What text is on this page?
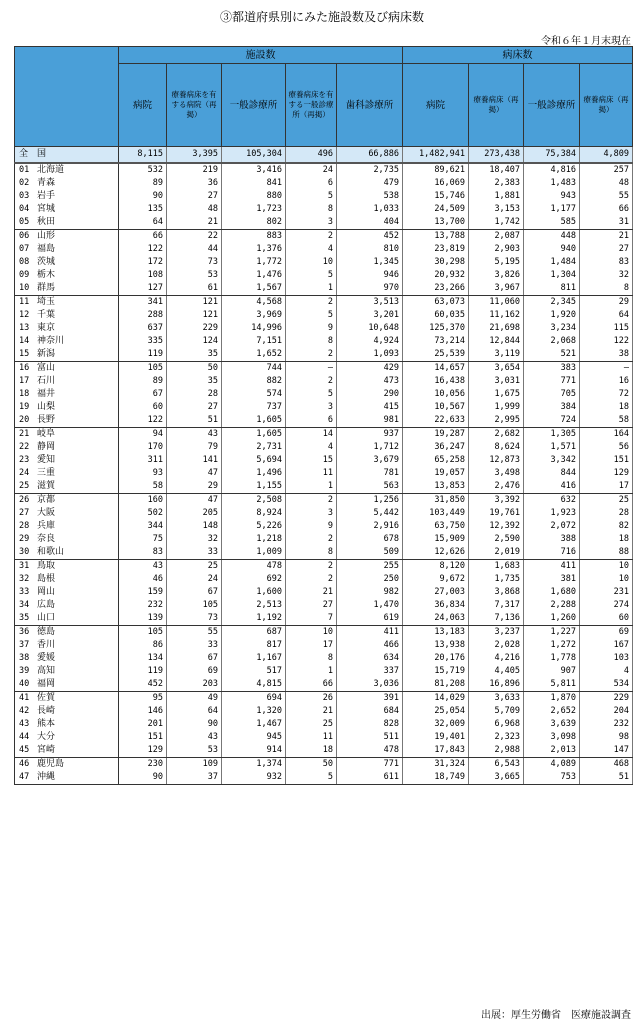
③都道府県別にみた施設数及び病床数
令和６年１月末現在
	施設数					病床数			
	病院	療養病床を有する病院（再掲）	一般診療所	療養病床を有する一般診療所（再掲）	歯科診療所	病院	療養病床（再掲）	一般診療所	療養病床（再掲）
全　国	8,115	3,395	105,304	496	66,886	1,482,941	273,438	75,384	4,809
01 北海道	532	219	3,416	24	2,735	89,621	18,407	4,816	257
02 青森	89	36	841	6	479	16,069	2,383	1,483	48
03 岩手	90	27	880	5	538	15,746	1,881	943	55
04 宮城	135	48	1,723	8	1,033	24,509	3,153	1,177	66
05 秋田	64	21	802	3	404	13,700	1,742	585	31
06 山形	66	22	883	2	452	13,788	2,087	448	21
07 福島	122	44	1,376	4	810	23,819	2,903	940	27
08 茨城	172	73	1,772	10	1,345	30,298	5,195	1,484	83
09 栃木	108	53	1,476	5	946	20,932	3,826	1,304	32
10 群馬	127	61	1,567	1	970	23,266	3,967	811	8
11 埼玉	341	121	4,568	2	3,513	63,073	11,060	2,345	29
12 千葉	288	121	3,969	5	3,201	60,035	11,162	1,920	64
13 東京	637	229	14,996	9	10,648	125,370	21,698	3,234	115
14 神奈川	335	124	7,151	8	4,924	73,214	12,844	2,068	122
15 新潟	119	35	1,652	2	1,093	25,539	3,119	521	38
16 富山	105	50	744	–	429	14,657	3,654	383	–
17 石川	89	35	882	2	473	16,438	3,031	771	16
18 福井	67	28	574	5	290	10,056	1,675	705	72
19 山梨	60	27	737	3	415	10,567	1,999	384	18
20 長野	122	51	1,605	6	981	22,633	2,995	724	58
21 岐阜	94	43	1,605	14	937	19,287	2,682	1,305	164
22 静岡	170	79	2,731	4	1,712	36,247	8,624	1,571	56
23 愛知	311	141	5,694	15	3,679	65,258	12,873	3,342	151
24 三重	93	47	1,496	11	781	19,057	3,498	844	129
25 滋賀	58	29	1,155	1	563	13,853	2,476	416	17
26 京都	160	47	2,508	2	1,256	31,850	3,392	632	25
27 大阪	502	205	8,924	3	5,442	103,449	19,761	1,923	28
28 兵庫	344	148	5,226	9	2,916	63,750	12,392	2,072	82
29 奈良	75	32	1,218	2	678	15,909	2,590	388	18
30 和歌山	83	33	1,009	8	509	12,626	2,019	716	88
31 鳥取	43	25	478	2	255	8,120	1,683	411	10
32 島根	46	24	692	2	250	9,672	1,735	381	10
33 岡山	159	67	1,600	21	982	27,003	3,868	1,680	231
34 広島	232	105	2,513	27	1,470	36,834	7,317	2,288	274
35 山口	139	73	1,192	7	619	24,063	7,136	1,260	60
36 徳島	105	55	687	10	411	13,183	3,237	1,227	69
37 香川	86	33	817	17	466	13,938	2,028	1,272	167
38 愛媛	134	67	1,167	8	634	20,176	4,216	1,778	103
39 高知	119	69	517	1	337	15,719	4,405	907	4
40 福岡	452	203	4,815	66	3,036	81,208	16,896	5,811	534
41 佐賀	95	49	694	26	391	14,029	3,633	1,870	229
42 長崎	146	64	1,320	21	684	25,054	5,709	2,652	204
43 熊本	201	90	1,467	25	828	32,009	6,968	3,639	232
44 大分	151	43	945	11	511	19,401	2,323	3,098	98
45 宮崎	129	53	914	18	478	17,843	2,988	2,013	147
46 鹿児島	230	109	1,374	50	771	31,324	6,543	4,089	468
47 沖縄	90	37	932	5	611	18,749	3,665	753	51
出展：厚生労働省　医療施設調査
